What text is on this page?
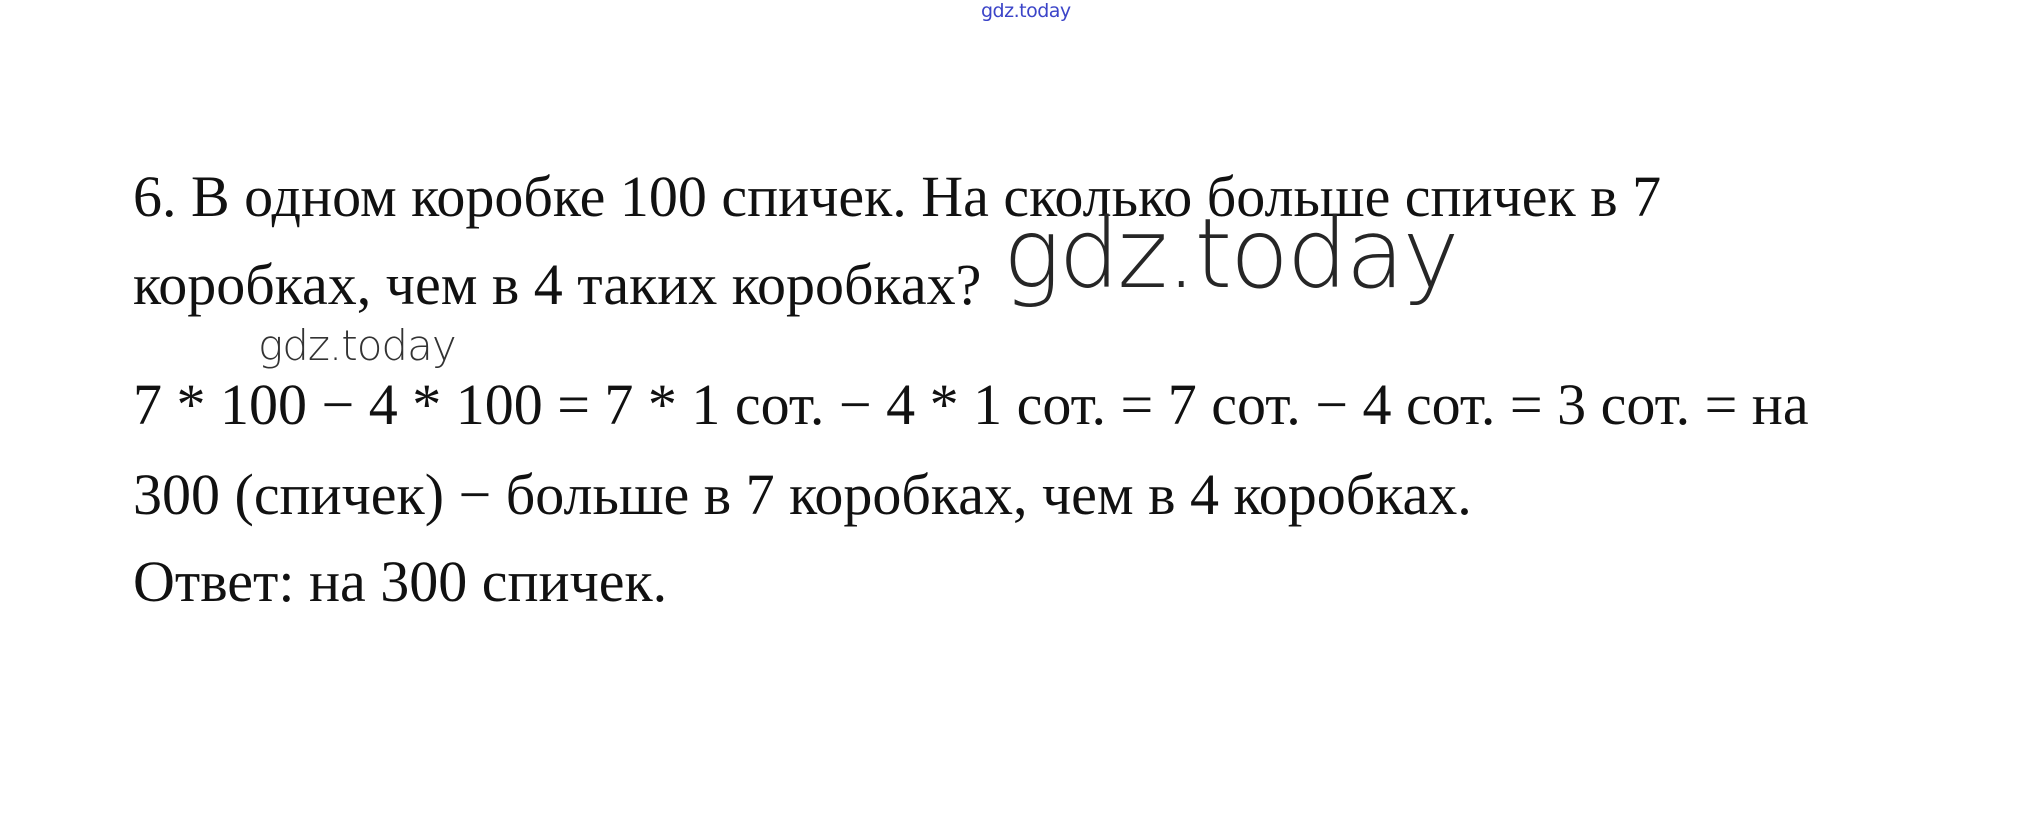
gdz.today
6. В одном коробке 100 спичек. На сколько больше спичек в 7
коробках, чем в 4 таких коробках? gdz.today
gdz.today
7 * 100 − 4 * 100 = 7 * 1 сот. − 4 * 1 сот. = 7 сот. − 4 сот. = 3 сот. = на
300 (спичек) − больше в 7 коробках, чем в 4 коробках.
Ответ: на 300 спичек.
